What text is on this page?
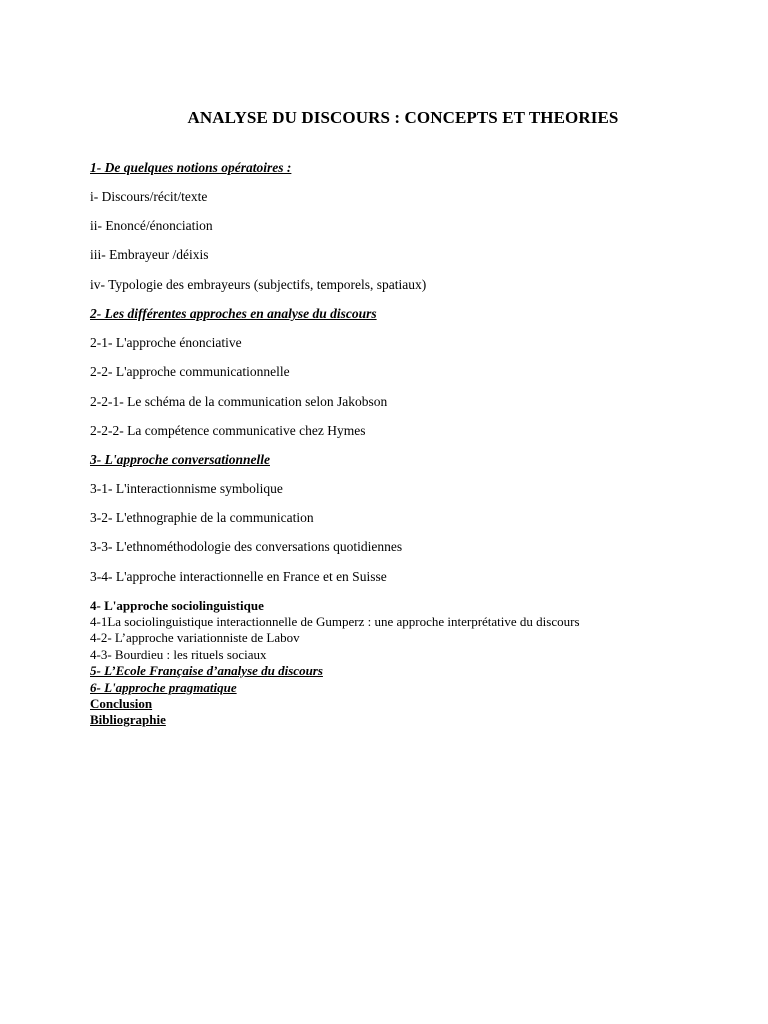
ANALYSE DU DISCOURS : CONCEPTS ET THEORIES
1- De quelques notions opératoires :
i- Discours/récit/texte
ii- Enoncé/énonciation
iii- Embrayeur /déixis
iv- Typologie des embrayeurs (subjectifs, temporels, spatiaux)
2- Les différentes approches en analyse du discours
2-1- L'approche énonciative
2-2- L'approche communicationnelle
2-2-1- Le schéma de la communication selon Jakobson
2-2-2- La compétence communicative chez Hymes
3- L'approche conversationnelle
3-1- L'interactionnisme symbolique
3-2- L'ethnographie de la communication
3-3- L'ethnométhodologie des conversations quotidiennes
3-4- L'approche interactionnelle en France et en Suisse
4- L'approche sociolinguistique
4-1La sociolinguistique interactionnelle de Gumperz : une approche interprétative du discours
4-2- L’approche variationniste de Labov
4-3- Bourdieu : les rituels sociaux
5- L’Ecole Française d’analyse du discours
6- L'approche pragmatique
Conclusion
Bibliographie
